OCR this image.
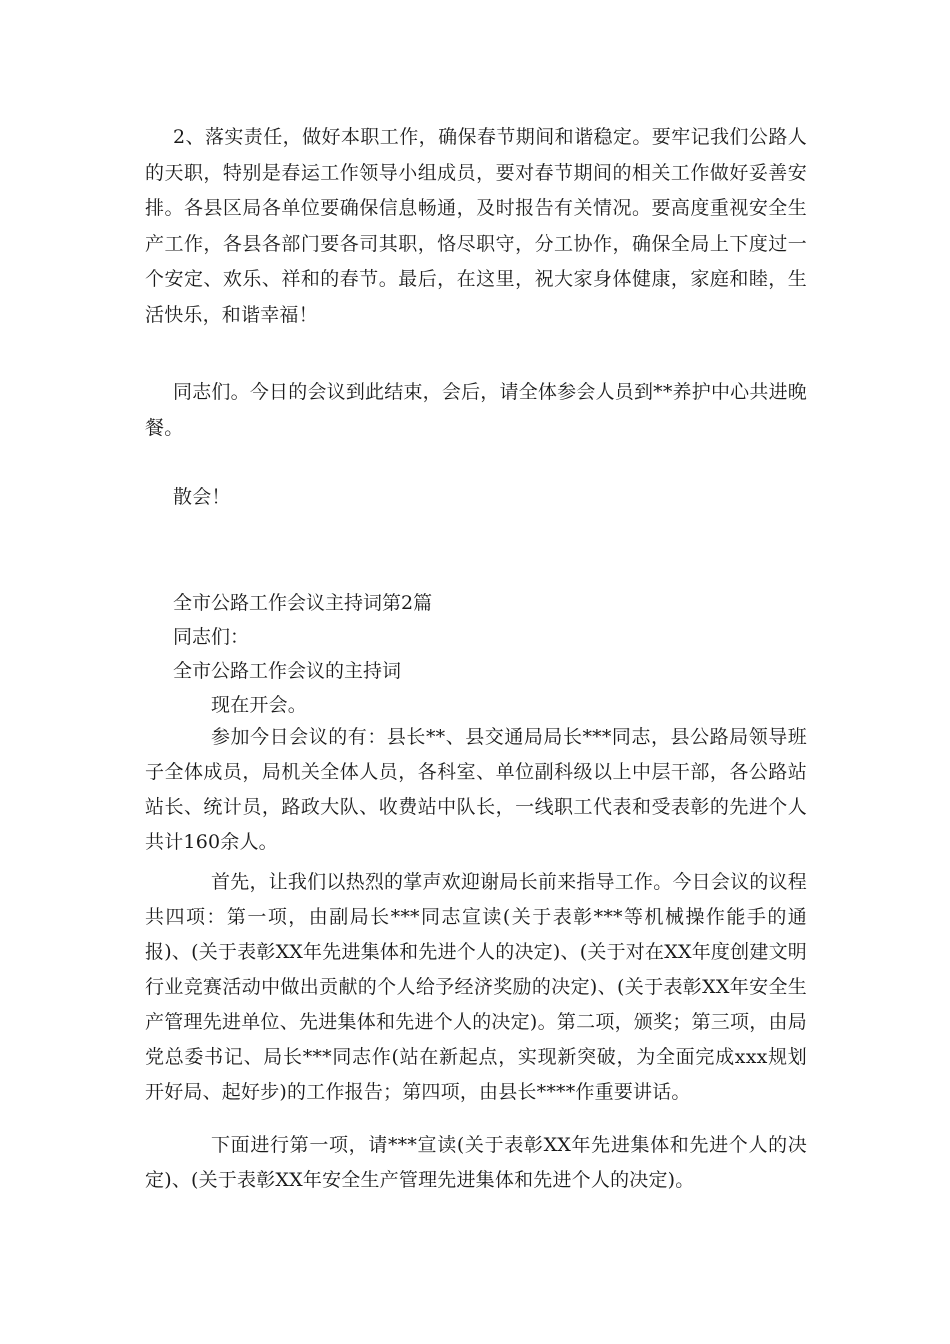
2、落实责任，做好本职工作，确保春节期间和谐稳定。要牢记我们公路人的天职，特别是春运工作领导小组成员，要对春节期间的相关工作做好妥善安排。各县区局各单位要确保信息畅通，及时报告有关情况。要高度重视安全生产工作，各县各部门要各司其职，恪尽职守，分工协作，确保全局上下度过一个安定、欢乐、祥和的春节。最后，在这里，祝大家身体健康，家庭和睦，生活快乐，和谐幸福！

同志们。今日的会议到此结束，会后，请全体参会人员到**养护中心共进晚餐。

散会！

全市公路工作会议主持词第2篇

同志们：

全市公路工作会议的主持词

现在开会。

参加今日会议的有：县长**、县交通局局长***同志，县公路局领导班子全体成员，局机关全体人员，各科室、单位副科级以上中层干部，各公路站站长、统计员，路政大队、收费站中队长，一线职工代表和受表彰的先进个人共计160余人。

首先，让我们以热烈的掌声欢迎谢局长前来指导工作。今日会议的议程共四项：第一项，由副局长***同志宣读(关于表彰***等机械操作能手的通报)、(关于表彰XX年先进集体和先进个人的决定)、(关于对在XX年度创建文明行业竞赛活动中做出贡献的个人给予经济奖励的决定)、(关于表彰XX年安全生产管理先进单位、先进集体和先进个人的决定)。第二项，颁奖；第三项，由局党总委书记、局长***同志作(站在新起点，实现新突破，为全面完成xxx规划开好局、起好步)的工作报告；第四项，由县长****作重要讲话。

下面进行第一项，请***宣读(关于表彰XX年先进集体和先进个人的决定)、(关于表彰XX年安全生产管理先进集体和先进个人的决定)。
